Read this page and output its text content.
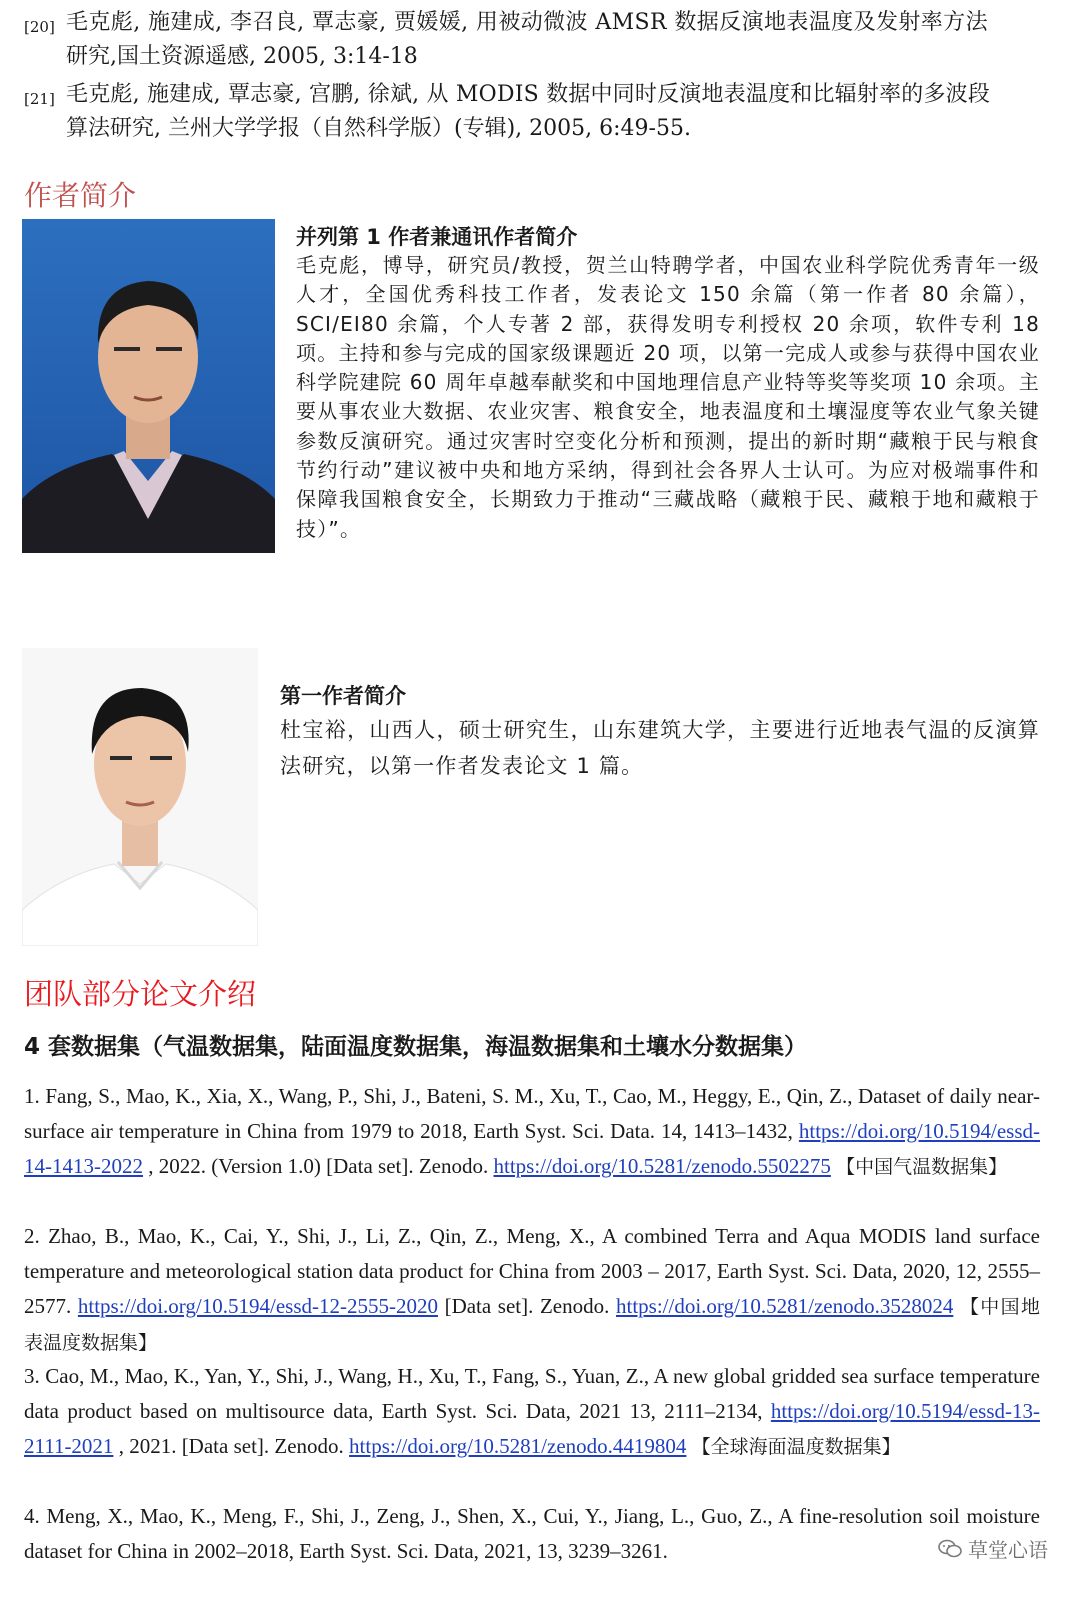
[20] 毛克彪, 施建成, 李召良, 覃志豪, 贾媛媛, 用被动微波 AMSR 数据反演地表温度及发射率方法
研究,国土资源遥感, 2005, 3:14-18
[21] 毛克彪, 施建成, 覃志豪, 宫鹏, 徐斌, 从 MODIS 数据中同时反演地表温度和比辐射率的多波段
算法研究, 兰州大学学报（自然科学版）(专辑), 2005, 6:49-55.
作者简介
并列第 1 作者兼通讯作者简介
毛克彪，博导，研究员/教授，贺兰山特聘学者，中国农业科学院优秀青年一级人才，全国优秀科技工作者，发表论文 150 余篇（第一作者 80 余篇），SCI/EI80 余篇，个人专著 2 部，获得发明专利授权 20 余项，软件专利 18 项。主持和参与完成的国家级课题近 20 项，以第一完成人或参与获得中国农业科学院建院 60 周年卓越奉献奖和中国地理信息产业特等奖等奖项 10 余项。主要从事农业大数据、农业灾害、粮食安全，地表温度和土壤湿度等农业气象关键参数反演研究。通过灾害时空变化分析和预测，提出的新时期“藏粮于民与粮食节约行动”建议被中央和地方采纳，得到社会各界人士认可。为应对极端事件和保障我国粮食安全，长期致力于推动“三藏战略（藏粮于民、藏粮于地和藏粮于技）”。
第一作者简介
杜宝裕，山西人，硕士研究生，山东建筑大学，主要进行近地表气温的反演算法研究，以第一作者发表论文 1 篇。
团队部分论文介绍
4 套数据集（气温数据集，陆面温度数据集，海温数据集和土壤水分数据集）
1. Fang, S., Mao, K., Xia, X., Wang, P., Shi, J., Bateni, S. M., Xu, T., Cao, M., Heggy, E., Qin, Z., Dataset of daily near-surface air temperature in China from 1979 to 2018, Earth Syst. Sci. Data. 14, 1413–1432, https://doi.org/10.5194/essd-14-1413-2022 , 2022. (Version 1.0) [Data set]. Zenodo. https://doi.org/10.5281/zenodo.5502275 【中国气温数据集】
2. Zhao, B., Mao, K., Cai, Y., Shi, J., Li, Z., Qin, Z., Meng, X., A combined Terra and Aqua MODIS land surface temperature and meteorological station data product for China from 2003 – 2017, Earth Syst. Sci. Data, 2020, 12, 2555–2577. https://doi.org/10.5194/essd-12-2555-2020 [Data set]. Zenodo. https://doi.org/10.5281/zenodo.3528024 【中国地表温度数据集】
3. Cao, M., Mao, K., Yan, Y., Shi, J., Wang, H., Xu, T., Fang, S., Yuan, Z., A new global gridded sea surface temperature data product based on multisource data, Earth Syst. Sci. Data, 2021 13, 2111–2134, https://doi.org/10.5194/essd-13-2111-2021 , 2021. [Data set]. Zenodo. https://doi.org/10.5281/zenodo.4419804 【全球海面温度数据集】
4. Meng, X., Mao, K., Meng, F., Shi, J., Zeng, J., Shen, X., Cui, Y., Jiang, L., Guo, Z., A fine-resolution soil moisture dataset for China in 2002–2018, Earth Syst. Sci. Data, 2021, 13, 3239–3261.	草堂心语
